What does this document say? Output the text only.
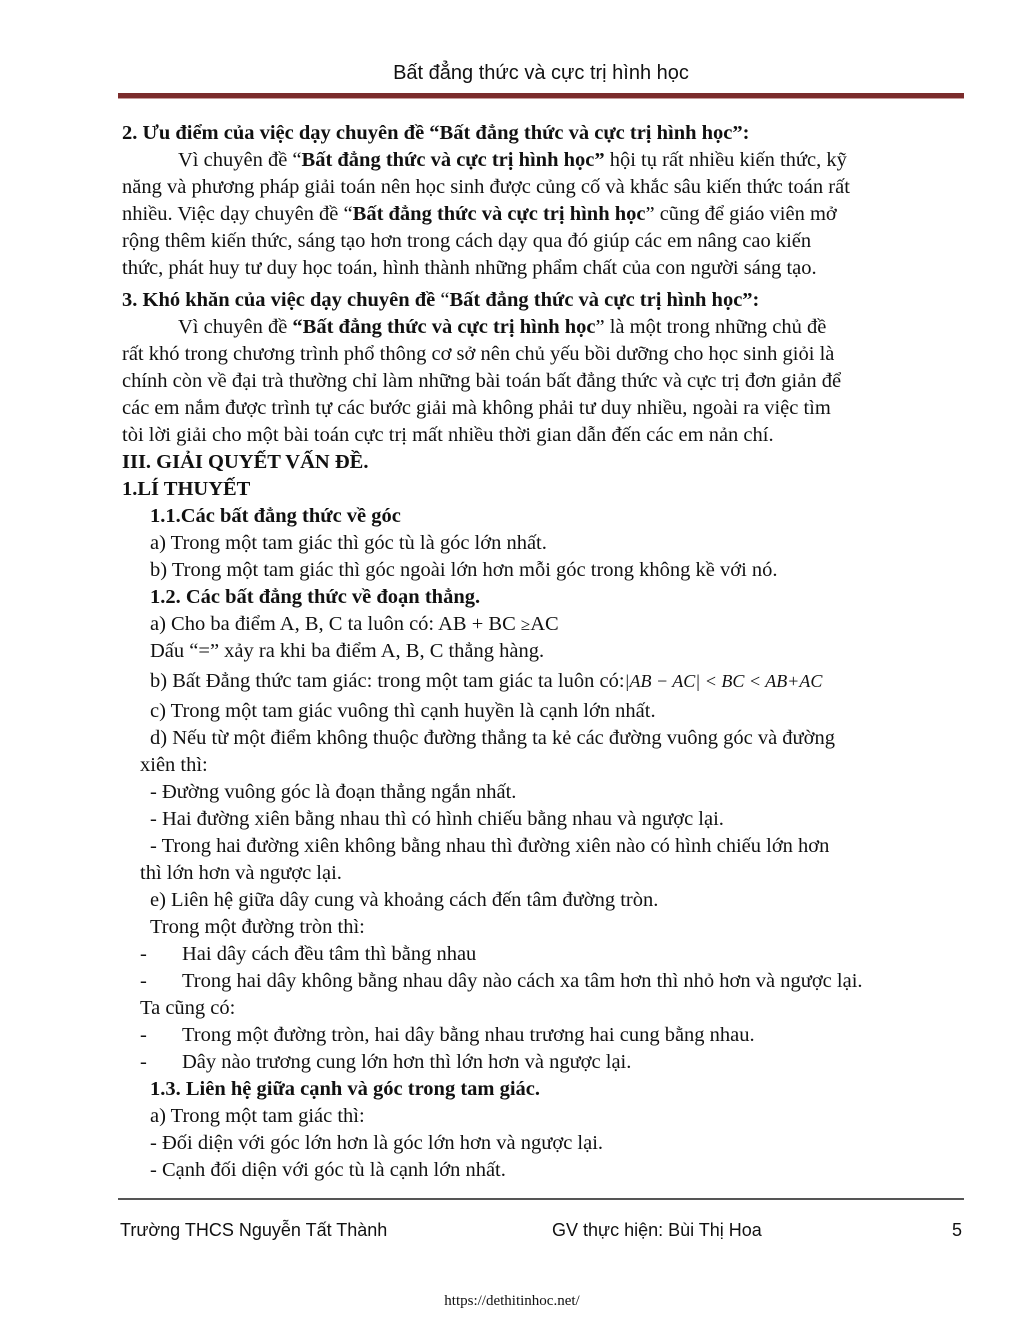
Bất đẳng thức và cực trị hình học
2. Ưu điểm của việc dạy chuyên đề “Bất đẳng thức và cực trị hình học”:
Vì chuyên đề “Bất đẳng thức và cực trị hình học” hội tụ rất nhiều kiến thức, kỹ
năng và phương pháp giải toán nên học sinh được củng cố và khắc sâu kiến thức toán rất
nhiều. Việc dạy chuyên đề “Bất đẳng thức và cực trị hình học” cũng để giáo viên mở
rộng thêm kiến thức, sáng tạo hơn trong cách dạy qua đó giúp các em nâng cao kiến
thức, phát huy tư duy học toán, hình thành những phẩm chất của con người sáng tạo.
3. Khó khăn của việc dạy chuyên đề “Bất đẳng thức và cực trị hình học”:
Vì chuyên đề “Bất đẳng thức và cực trị hình học” là một trong những chủ đề
rất khó trong chương trình phổ thông cơ sở nên chủ yếu bồi dưỡng cho học sinh giỏi là
chính còn về đại trà thường chỉ làm những bài toán bất đẳng thức và cực trị đơn giản để
các em nắm được trình tự các bước giải mà không phải tư duy nhiều, ngoài ra việc tìm
tòi lời giải cho một bài toán cực trị mất nhiều thời gian dẫn đến các em nản chí.
III. GIẢI QUYẾT VẤN ĐỀ.
1.LÍ THUYẾT
1.1.Các bất đẳng thức về góc
a) Trong một tam giác thì góc tù là góc lớn nhất.
b) Trong một tam giác thì góc ngoài lớn hơn mỗi góc trong không kề với nó.
1.2. Các bất đẳng thức về đoạn thẳng.
a) Cho ba điểm A, B, C ta luôn có: AB + BC ≥AC
Dấu “=” xảy ra khi ba điểm A, B, C thẳng hàng.
b) Bất Đẳng thức tam giác: trong một tam giác ta luôn có:|AB − AC| < BC < AB+AC
c) Trong một tam giác vuông thì cạnh huyền là cạnh lớn nhất.
d) Nếu từ một điểm không thuộc đường thẳng ta kẻ các đường vuông góc và đường
xiên thì:
- Đường vuông góc là đoạn thẳng ngắn nhất.
- Hai đường xiên bằng nhau thì có hình chiếu bằng nhau và ngược lại.
- Trong hai đường xiên không bằng nhau thì đường xiên nào có hình chiếu lớn hơn
thì lớn hơn và ngược lại.
e) Liên hệ giữa dây cung và khoảng cách đến tâm đường tròn.
Trong một đường tròn thì:
- Hai dây cách đều tâm thì bằng nhau
- Trong hai dây không bằng nhau dây nào cách xa tâm hơn thì nhỏ hơn và ngược lại.
Ta cũng có:
- Trong một đường tròn, hai dây bằng nhau trương hai cung bằng nhau.
- Dây nào trương cung lớn hơn thì lớn hơn và ngược lại.
1.3. Liên hệ giữa cạnh và góc trong tam giác.
a) Trong một tam giác thì:
- Đối diện với góc lớn hơn là góc lớn hơn và ngược lại.
- Cạnh đối diện với góc tù là cạnh lớn nhất.
Trường THCS Nguyễn Tất Thành	GV thực hiện: Bùi Thị Hoa	5
https://dethitinhoc.net/
